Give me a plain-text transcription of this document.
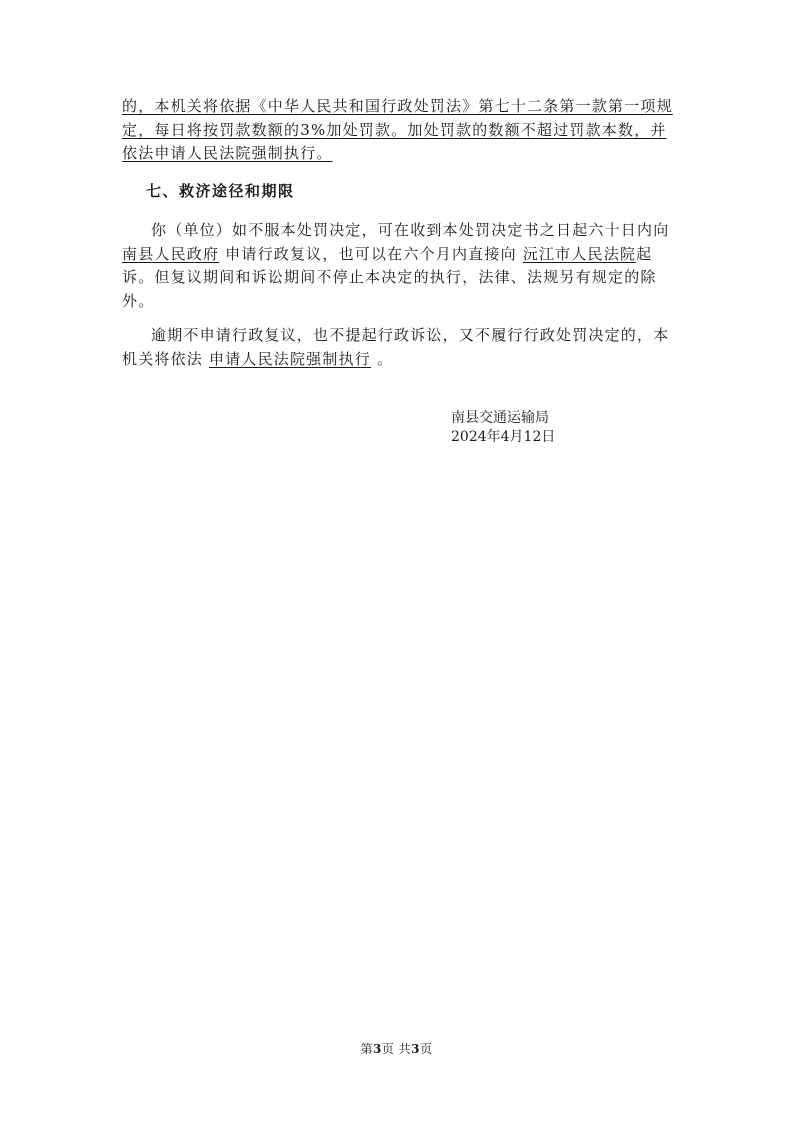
的，本机关将依据《中华人民共和国行政处罚法》第七十二条第一款第一项规定，每日将按罚款数额的3%加处罚款。加处罚款的数额不超过罚款本数，并依法申请人民法院强制执行。

七、救济途径和期限

你（单位）如不服本处罚决定，可在收到本处罚决定书之日起六十日内向 南县人民政府 申请行政复议，也可以在六个月内直接向 沅江市人民法院起诉。但复议期间和诉讼期间不停止本决定的执行，法律、法规另有规定的除外。

逾期不申请行政复议，也不提起行政诉讼，又不履行行政处罚决定的，本机关将依法 申请人民法院强制执行 。

南县交通运输局
2024年4月12日
第3页 共3页
